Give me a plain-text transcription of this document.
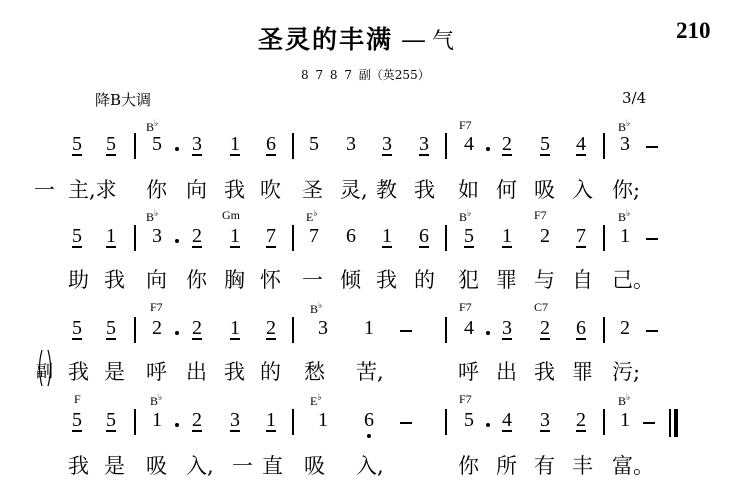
圣灵的丰满 — 气	210
8 7 8 7 副（英255）
降B大调	3/4
B♭	F7	B♭
5 5 5 3 1 6 5 3 3 3 4 2 5 4 3
一 主,求 你 向 我 吹 圣 灵, 教 我 如 何 吸 入 你;
B♭	Gm	E♭	B♭	F7	B♭
5 1 3 2 1 7 7 6 1 6 5 1 2 7 1
助 我 向 你 胸 怀 一 倾 我 的 犯 罪 与 自 己。
F7	B♭	F7	C7
5 5 2 2 1 2 3 1	4 3 2 6 2
副 我 是 呼 出 我 的 愁 苦,	呼 出 我 罪 污;
F	B♭	E♭	F7	B♭
5 5 1 2 3 1 1 6	5 4 3 2 1
我 是 吸 入, 一 直 吸 入,	你 所 有 丰 富。
